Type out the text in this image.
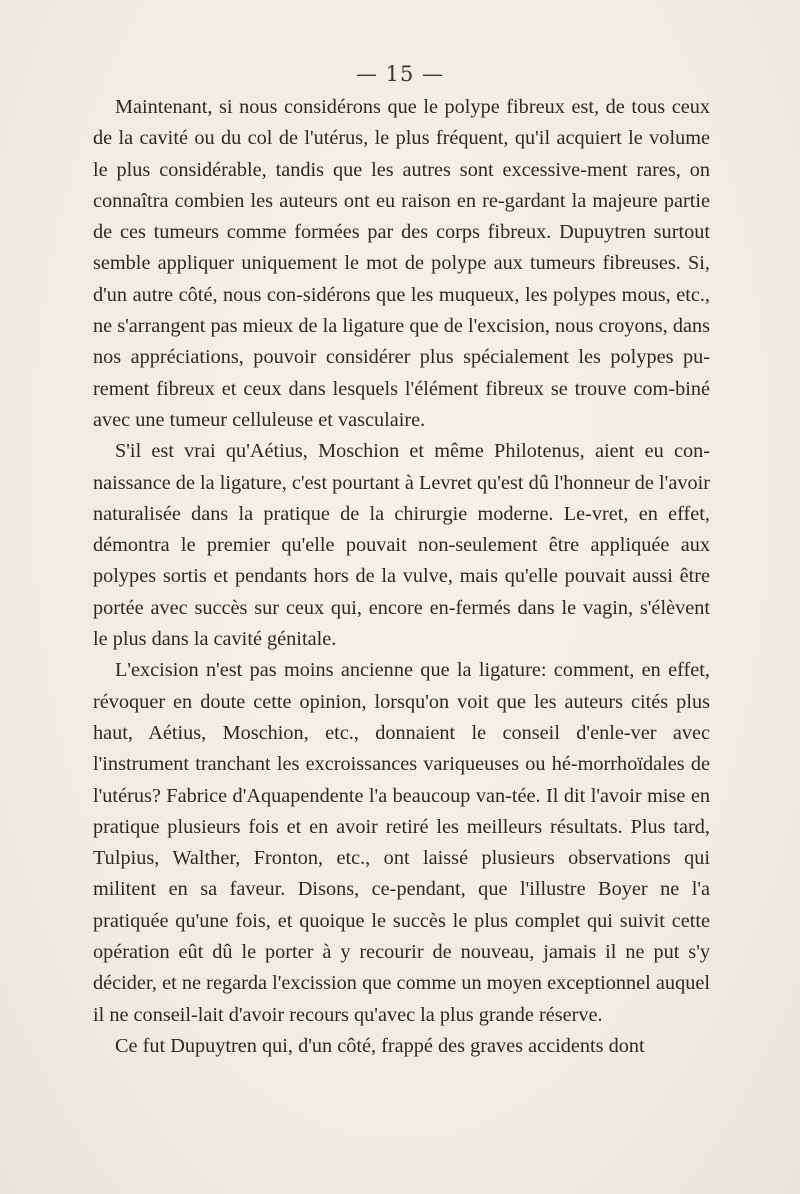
— 15 —

Maintenant, si nous considérons que le polype fibreux est, de tous ceux de la cavité ou du col de l'utérus, le plus fréquent, qu'il acquiert le volume le plus considérable, tandis que les autres sont excessive-ment rares, on connaîtra combien les auteurs ont eu raison en re-gardant la majeure partie de ces tumeurs comme formées par des corps fibreux. Dupuytren surtout semble appliquer uniquement le mot de polype aux tumeurs fibreuses. Si, d'un autre côté, nous con-sidérons que les muqueux, les polypes mous, etc., ne s'arrangent pas mieux de la ligature que de l'excision, nous croyons, dans nos appréciations, pouvoir considérer plus spécialement les polypes pu-rement fibreux et ceux dans lesquels l'élément fibreux se trouve com-biné avec une tumeur celluleuse et vasculaire.

S'il est vrai qu'Aétius, Moschion et même Philotenus, aient eu con-naissance de la ligature, c'est pourtant à Levret qu'est dû l'honneur de l'avoir naturalisée dans la pratique de la chirurgie moderne. Le-vret, en effet, démontra le premier qu'elle pouvait non-seulement être appliquée aux polypes sortis et pendants hors de la vulve, mais qu'elle pouvait aussi être portée avec succès sur ceux qui, encore en-fermés dans le vagin, s'élèvent le plus dans la cavité génitale.

L'excision n'est pas moins ancienne que la ligature: comment, en effet, révoquer en doute cette opinion, lorsqu'on voit que les auteurs cités plus haut, Aétius, Moschion, etc., donnaient le conseil d'enle-ver avec l'instrument tranchant les excroissances variqueuses ou hé-morrhoïdales de l'utérus? Fabrice d'Aquapendente l'a beaucoup van-tée. Il dit l'avoir mise en pratique plusieurs fois et en avoir retiré les meilleurs résultats. Plus tard, Tulpius, Walther, Fronton, etc., ont laissé plusieurs observations qui militent en sa faveur. Disons, ce-pendant, que l'illustre Boyer ne l'a pratiquée qu'une fois, et quoique le succès le plus complet qui suivit cette opération eût dû le porter à y recourir de nouveau, jamais il ne put s'y décider, et ne regarda l'excission que comme un moyen exceptionnel auquel il ne conseil-lait d'avoir recours qu'avec la plus grande réserve.

Ce fut Dupuytren qui, d'un côté, frappé des graves accidents dont
